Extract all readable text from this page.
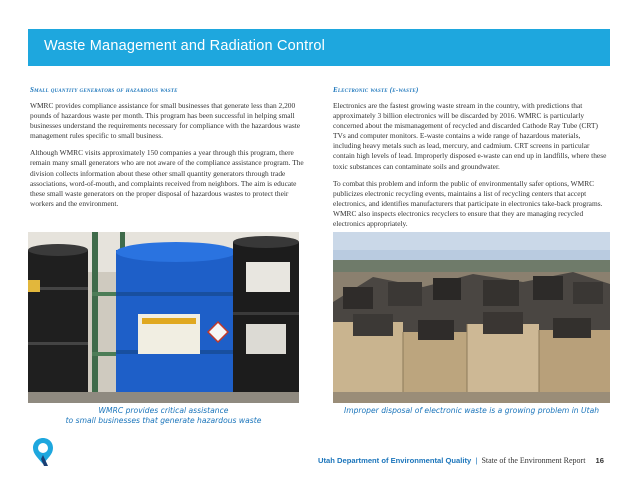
Waste Management and Radiation Control
Small quantity generators of hazardous waste

WMRC provides compliance assistance for small businesses that generate less than 2,200 pounds of hazardous waste per month. This program has been successful in helping small businesses understand the requirements necessary for compliance with the hazardous waste management rules specific to small business.

Although WMRC visits approximately 150 companies a year through this program, there remain many small generators who are not aware of the compliance assistance program. The division collects information about these other small quantity generators through trade associations, word-of-mouth, and complaints received from neighbors. The aim is educate these small waste generators on the proper disposal of hazardous wastes to protect their workers and the environment.

Electronic waste (e-waste)

Electronics are the fastest growing waste stream in the country, with predictions that approximately 3 billion electronics will be discarded by 2016. WMRC is particularly concerned about the mismanagement of recycled and discarded Cathode Ray Tube (CRT) TVs and computer monitors. E-waste contains a wide range of hazardous materials, including heavy metals such as lead, mercury, and cadmium. CRT screens in particular contain high levels of lead. Improperly disposed e-waste can end up in landfills, where these toxic substances can contaminate soils and groundwater.

To combat this problem and inform the public of environmentally safer options, WMRC publicizes electronic recycling events, maintains a list of recycling centers that accept electronics, and identifies manufacturers that participate in electronics take-back programs. WMRC also inspects electronics recyclers to ensure that they are managing recycled electronics appropriately.

WMRC provides critical assistance
to small businesses that generate hazardous waste
Improper disposal of electronic waste is a growing problem in Utah
Utah Department of Environmental Quality | State of the Environment Report 16
